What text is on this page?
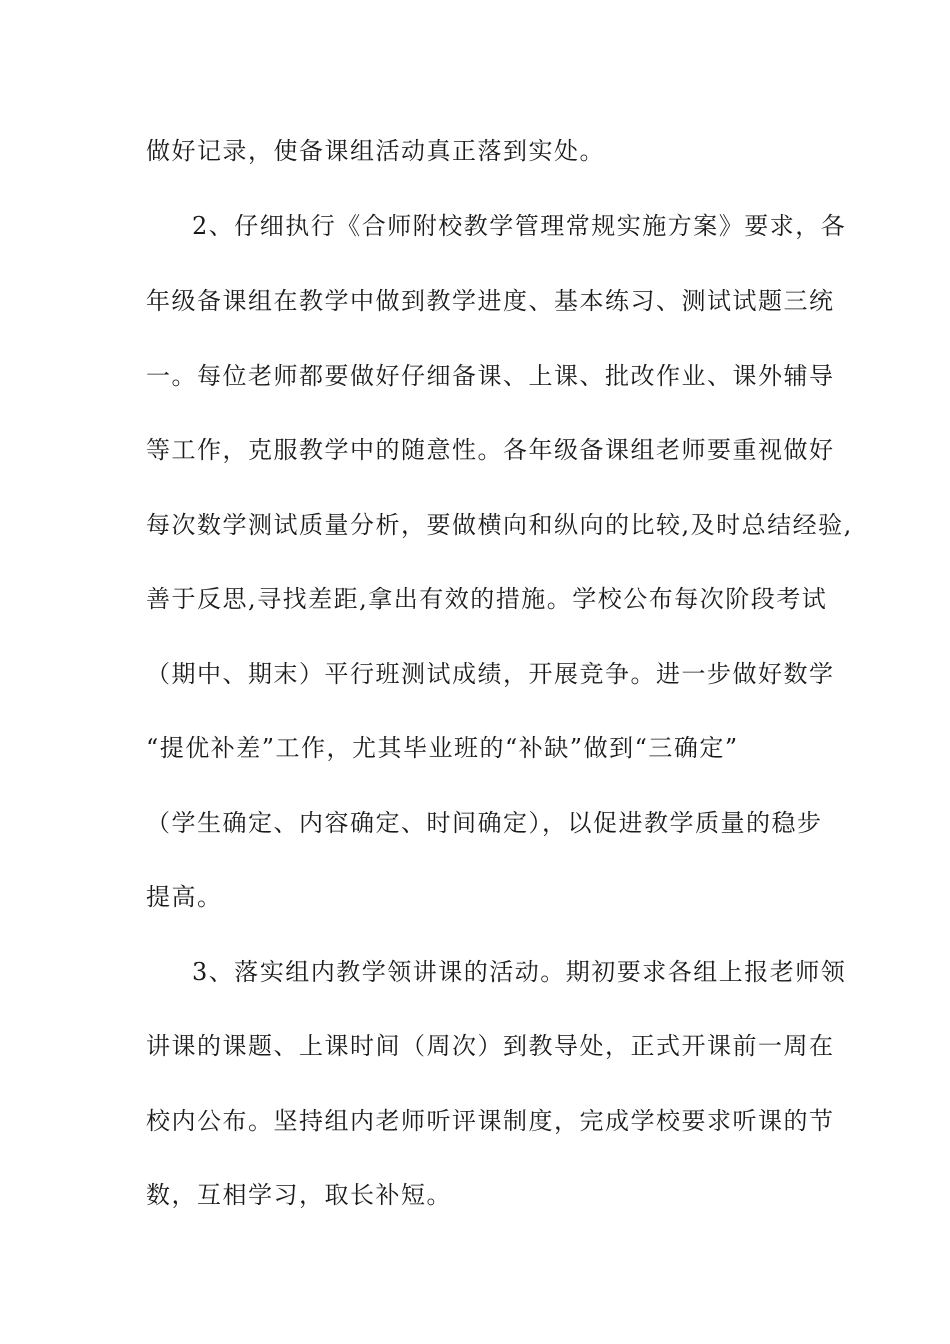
做好记录，使备课组活动真正落到实处。
2、仔细执行《合师附校教学管理常规实施方案》要求，各
年级备课组在教学中做到教学进度、基本练习、测试试题三统
一。每位老师都要做好仔细备课、上课、批改作业、课外辅导
等工作，克服教学中的随意性。各年级备课组老师要重视做好
每次数学测试质量分析，要做横向和纵向的比较,及时总结经验,
善于反思,寻找差距,拿出有效的措施。学校公布每次阶段考试
（期中、期末）平行班测试成绩，开展竞争。进一步做好数学
“提优补差”工作，尤其毕业班的“补缺”做到“三确定”
（学生确定、内容确定、时间确定），以促进教学质量的稳步
提高。
3、落实组内教学领讲课的活动。期初要求各组上报老师领
讲课的课题、上课时间（周次）到教导处，正式开课前一周在
校内公布。坚持组内老师听评课制度，完成学校要求听课的节
数，互相学习，取长补短。
